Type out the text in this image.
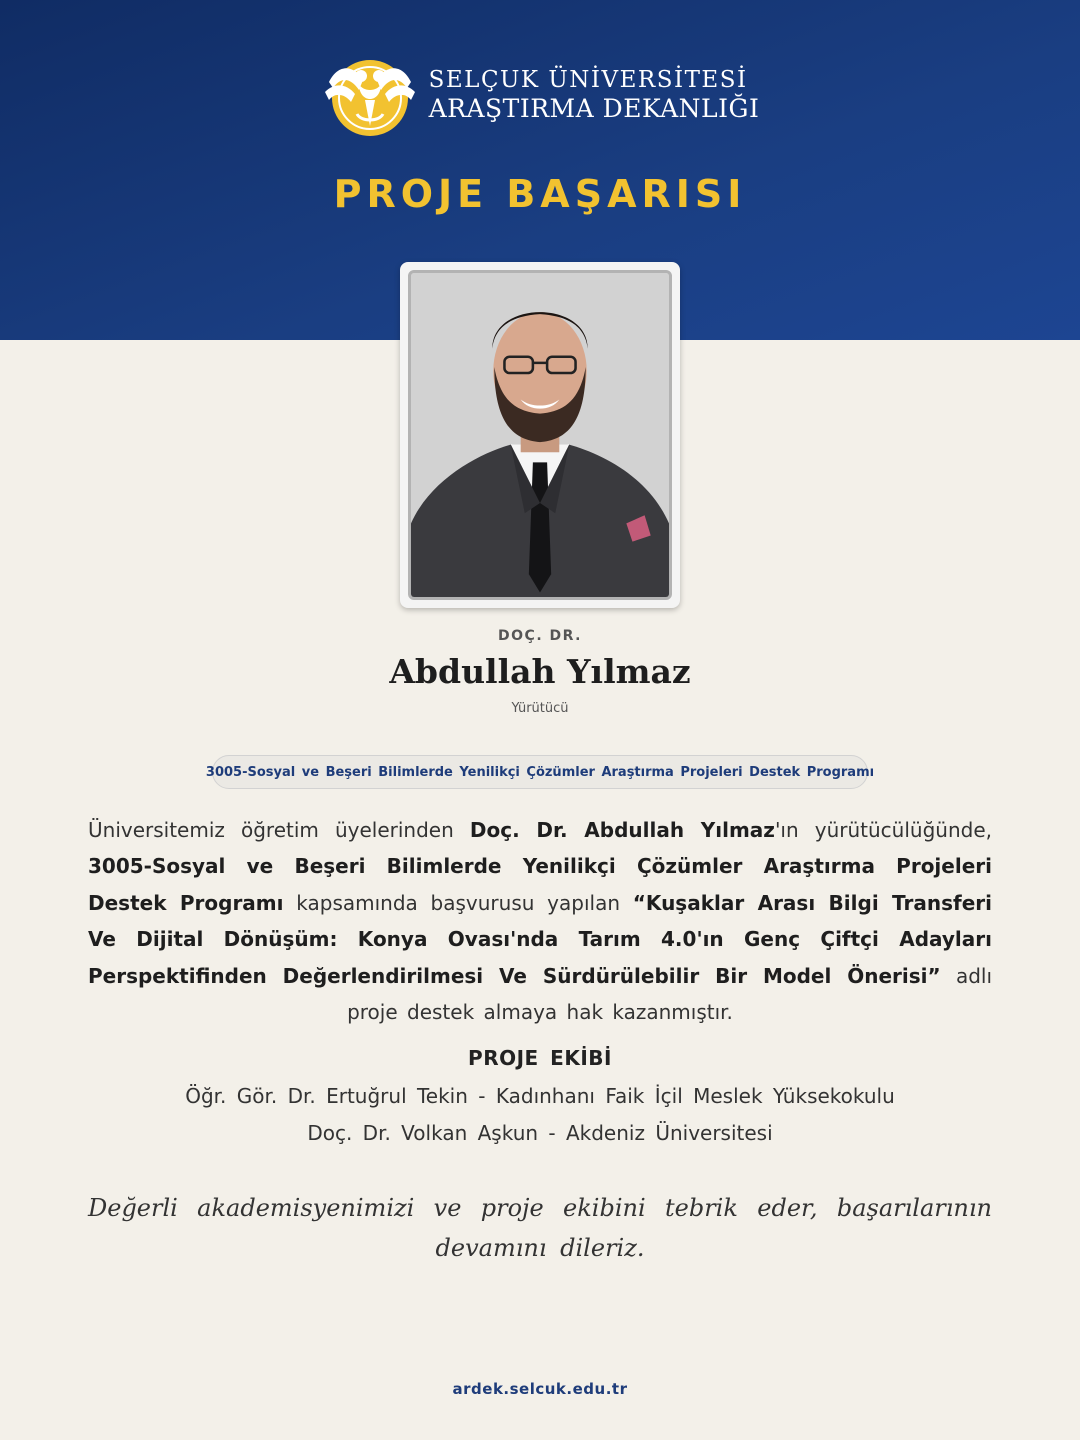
SELÇUK ÜNİVERSİTESİ
ARAŞTIRMA DEKANLIĞI
PROJE BAŞARISI
DOÇ. DR.
Abdullah Yılmaz
Yürütücü
3005-Sosyal ve Beşeri Bilimlerde Yenilikçi Çözümler Araştırma Projeleri Destek Programı

Üniversitemiz öğretim üyelerinden Doç. Dr. Abdullah Yılmaz'ın yürütücülüğünde, 3005-Sosyal ve Beşeri Bilimlerde Yenilikçi Çözümler Araştırma Projeleri Destek Programı kapsamında başvurusu yapılan “Kuşaklar Arası Bilgi Transferi Ve Dijital Dönüşüm: Konya Ovası'nda Tarım 4.0'ın Genç Çiftçi Adayları Perspektifinden Değerlendirilmesi Ve Sürdürülebilir Bir Model Önerisi” adlı proje destek almaya hak kazanmıştır.

PROJE EKİBİ
Öğr. Gör. Dr. Ertuğrul Tekin - Kadınhanı Faik İçil Meslek Yüksekokulu
Doç. Dr. Volkan Aşkun - Akdeniz Üniversitesi

Değerli akademisyenimizi ve proje ekibini tebrik eder, başarılarının devamını dileriz.

ardek.selcuk.edu.tr
